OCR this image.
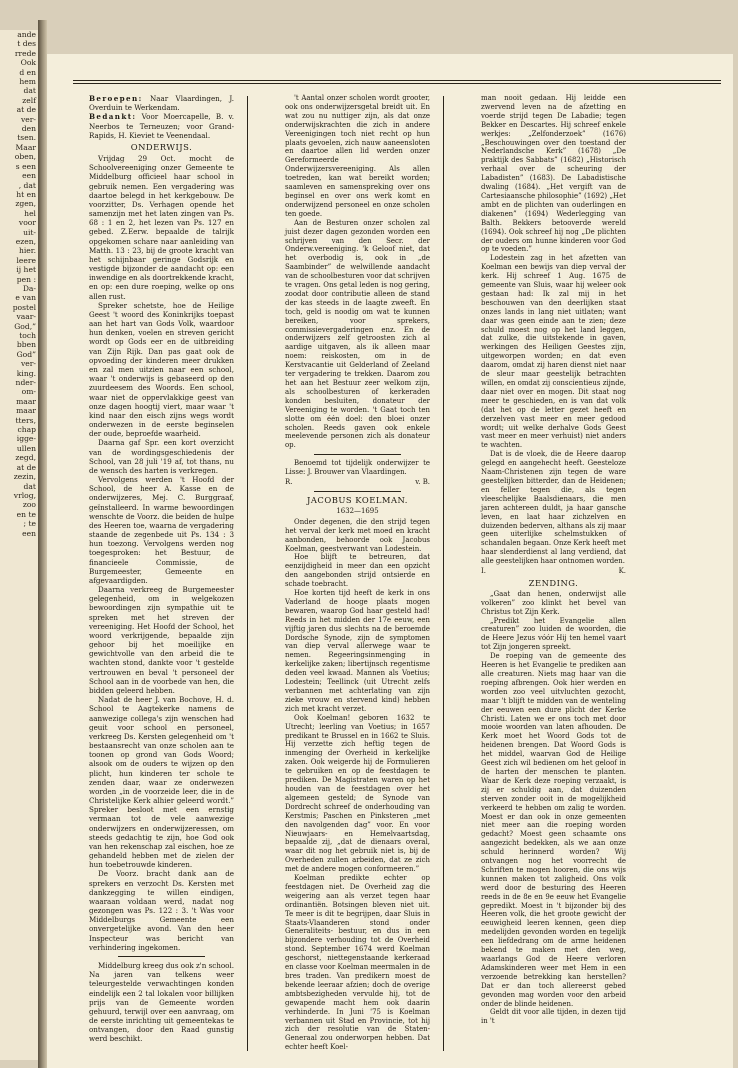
ande

t des

rrede

Ook

d en

hem

dat

zelf

at de

ver-

den

tsen.

Maar

oben,

s een

een

, dat

ht en

zgen,

hel

voor

uit-

ezen,

hier.

leere

ij het

pen :

Da-

e van

postel

vaar-

God,”

toch

bben

God”

ver-

king.

nder-

om-

maar

maar

tters,

chap

igge-

ullen

zegd,

at de

zezin,

dat

vrlog,

zoo

en te

; te

een

Beroepen: Naar Vlaardingen, J. Overduin te Werkendam.

Bedankt: Voor Moercapelle, B. v. Neerbos te Terneuzen; voor Grand-Rapids, H. Kieviet te Veenendaal.

ONDERWIJS.

Vrijdag 29 Oct. mocht de Schoolvereeniging onzer Gemeente te Middelburg officieel haar school in gebruik nemen. Een vergadering was daartoe belegd in het kerkgebouw. De voorzitter, Ds. Verhagen opende het samenzijn met het laten zingen van Ps. 68 : 1 en 2, het lezen van Ps. 127 en gebed. Z.Eerw. bepaalde de talrijk opgekomen schare naar aanleiding van Matth. 13 : 23, bij de groote kracht van het schijnbaar geringe Godsrijk en vestigde bijzonder de aandacht op: een inwendige en als doortrekkende kracht, en op: een dure roeping, welke op ons allen rust.

Spreker schetste, hoe de Heilige Geest 't woord des Koninkrijks toepast aan het hart van Gods Volk, waardoor hun denken, voelen en streven gericht wordt op Gods eer en de uitbreiding van Zijn Rijk. Dan pas gaat ook de opvoeding der kinderen meer drukken en zal men uitzien naar een school, waar 't onderwijs is gebaseerd op den zuurdeesem des Woords. Een school, waar niet de oppervlakkige geest van onze dagen hoogtij viert, maar waar 't kind naar den eisch zijns wegs wordt onderwezen in de eerste beginselen der oude, beproefde waarheid.

Daarna gaf Spr. een kort overzicht van de wordingsgeschiedenis der School, van 28 juli '19 af, tot thans, nu de wensch des harten is verkregen.

Vervolgens werden 't Hoofd der School, de heer A. Kasse en de onderwijzeres, Mej. C. Burggraaf, geïnstalleerd. In warme bewoordingen wenschte de Voorz. die beiden de hulpe des Heeren toe, waarna de vergadering staande de zegenbede uit Ps. 134 : 3 hun toezong. Vervolgens werden nog toegesproken: het Bestuur, de financieele Commissie, de Burgemeester, Gemeente en afgevaardigden.

Daarna verkreeg de Burgemeester gelegenheid, om in welgekozen bewoordingen zijn sympathie uit te spreken met het streven der vereeniging. Het Hoofd der School, het woord verkrijgende, bepaalde zijn gehoor bij het moeilijke en gewichtvolle van den arbeid die te wachten stond, dankte voor 't gestelde vertrouwen en beval 't personeel der School aan in de voorbede van hen, die bidden geleerd hebben.

Nadat de heer J. van Bochove, H. d. School te Aagtekerke namens de aanwezige collega's zijn wenschen had geuit voor school en personeel, verkreeg Ds. Kersten gelegenheid om 't bestaansrecht van onze scholen aan te toonen op grond van Gods Woord; alsook om de ouders te wijzen op den plicht, hun kinderen ter schole te zenden daar, waar ze onderwezen worden „in de voorzeide leer, die in de Christelijke Kerk alhier geleerd wordt.” Spreker besloot met een ernstig vermaan tot de vele aanwezige onderwijzers en onderwijzeressen, om steeds gedachtig te zijn, hoe God ook van hen rekenschap zal eischen, hoe ze gehandeld hebben met de zielen der hun toebetrouwde kinderen.

De Voorz. bracht dank aan de sprekers en verzocht Ds. Kersten met dankzegging te willen eindigen, waaraan voldaan werd, nadat nog gezongen was Ps. 122 : 3. 't Was voor Middelburgs Gemeente een onvergetelijke avond. Van den heer Inspecteur was bericht van verhindering ingekomen.

Middelburg kreeg dus ook z'n school. Na jaren van telkens weer teleurgestelde verwachtingen konden eindelijk een 2 tal lokalen voor billijken prijs van de Gemeente worden gehuurd, terwijl over een aanvraag, om de eerste inrichting uit gemeentekas te ontvangen, door den Raad gunstig werd beschikt.

't Aantal onzer scholen wordt grooter, ook ons onderwijzersgetal breidt uit. En wat zou nu nuttiger zijn, als dat onze onderwijskrachten die zich in andere Vereenigingen toch niet recht op hun plaats gevoelen, zich nauw aaneensloten en daartoe allen lid werden onzer Gereformeerde Onderwijzersvereeniging. Als allen toetreden, kan wat bereikt worden; saamleven en samenspreking over ons beginsel en over ons werk komt en onderwijzend personeel en onze scholen ten goede.

Aan de Besturen onzer scholen zal juist dezer dagen gezonden worden een schrijven van den Secr. der Onderw.vereeniging. 'k Geloof niet, dat het overbodig is, ook in „de Saambinder” de welwillende aandacht van de schoolbesturen voor dat schrijven te vragen. Ons getal leden is nog gering, zoodat door contributie alleen de stand der kas steeds in de laagte zweeft. En toch, geld is noodig om wat te kunnen bereiken, voor sprekers, commissievergaderingen enz. En de onderwijzers zelf getroosten zich al aardige uitgaven, als ik alleen maar noem: reiskosten, om in de Kerstvacantie uit Gelderland of Zeeland ter vergadering te trekken. Daarom zou het aan het Bestuur zeer welkom zijn, als schoolbesturen of kerkeraden konden besluiten, donateur der Vereeniging te worden. 't Gaat toch ten slotte om één doel: den bloei onzer scholen. Reeds gaven ook enkele meelevende personen zich als donateur op.

Benoemd tot tijdelijk onderwijzer te Lisse: J. Brouwer van Vlaardingen.

R.	v. B.
JACOBUS KOELMAN.
1632—1695

Onder degenen, die den strijd tegen het verval der kerk met moed en kracht aanbonden, behoorde ook Jacobus Koelman, geestverwant van Lodestein.

Hoe blijft te betreuren, dat eenzijdigheid in meer dan een opzicht den aangebonden strijd ontsierde en schade toebracht.

Hoe korten tijd heeft de kerk in ons Vaderland de hooge plaats mogen bewaren, waarop God haar gesteld had! Reeds in het midden der 17e eeuw, een vijftig jaren dus slechts na de beroemde Dordsche Synode, zijn de symptomen van diep verval allerwege waar te nemen. Regeeringsinmenging in kerkelijke zaken; libertijnsch regentisme deden veel kwaad. Mannen als Voetius; Lodestein; Teellinck (uit Utrecht zelfs verbannen met achterlating van zijn zieke vrouw en stervend kind) hebben zich met kracht verzet.

Ook Koelman! geboren 1632 te Utrecht; leerling van Voetius; in 1657 predikant te Brussel en in 1662 te Sluis. Hij verzette zich heftig tegen de inmenging der Overheid in kerkelijke zaken. Ook weigerde hij de Formulieren te gebruiken en op de feestdagen te prediken. De Magistraten waren op het houden van de feestdagen over het algemeen gesteld; de Synode van Dordrecht schreef de onderhouding van Kerstmis; Paschen en Pinksteren „met den navolgenden dag” voor. En voor Nieuwjaars- en Hemelvaartsdag, bepaalde zij, „dat de dienaars overal, waar dit nog het gebruik niet is, bij de Overheden zullen arbeiden, dat ze zich met de andere mogen conformeeren.”

Koelman predikte echter op feestdagen niet. De Overheid zag die weigering aan als verzet tegen haar ordinantiën. Botsingen bleven niet uit. Te meer is dit te begrijpen, daar Sluis in Staats-Vlaanderen stond onder Generaliteits- bestuur, en dus in een bijzondere verhouding tot de Overheid stond. September 1674 werd Koelman geschorst, niettegenstaande kerkeraad en classe voor Koelman meermalen in de bres traden. Van predikern moest de bekende leeraar afzien; doch de overige ambtsbezigheden vervulde hij, tot de gewapende macht hem ook daarin verhinderde. In Juni '75 is Koelman verbannen uit Stad en Provincie, tot hij zich der resolutie van de Staten-Generaal zou onderworpen hebben. Dat echter heeft Koel-

man nooit gedaan. Hij leidde een zwervend leven na de afzetting en voerde strijd tegen De Labadie; tegen Bekker en Descartes. Hij schreef enkele werkjes: „Zelfonderzoek” (1676) „Beschouwingen over den toestand der Nederlandsche Kerk” (1678) „De praktijk des Sabbats” (1682) „Historisch verhaal over de scheuring der Labadisten” (1683). De Labadistische dwaling (1684). „Het vergift van de Cartesiaansche philosophie” (1692) „Het ambt en de plichten van ouderlingen en diakenen” (1694) Wederlegging van Balth. Bekkers betooverde wereld (1694). Ook schreef hij nog „De plichten der ouders om hunne kinderen voor God op te voeden.”

Lodestein zag in het afzetten van Koelman een bewijs van diep verval der kerk. Hij schreef 1 Aug. 1675 de gemeente van Sluis, waar hij weleer ook gestaan had: Ik zal mij in het beschouwen van den deerlijken staat onzes lands in lang niet uitlaten; want daar was geen einde aan te zien; deze schuld moest nog op het land leggen, dat zulke, die uitstekende in gaven, werkingen des Heiligen Geestes zijn, uitgeworpen worden; en dat even daarom, omdat zij haren dienst niet naar de sleur maar geestelijk betrachten willen, en omdat zij conscientieus zijnde, daar niet over en mogen. Dit staat nog meer te geschieden, en is van dat volk (dat het op de letter gezet heeft en derzelven vast meer en meer gedood wordt; uit welke derhalve Gods Geest vast meer en meer verhuist) niet anders te wachten.

Dat is de vloek, die de Heere daarop gelegd en aangehecht heeft. Geesteloze Naam-Christenen zijn tegen de ware geestelijken bitterder, dan de Heidenen; en feller tegen die, als tegen vleeschelijke Baalsdienaars, die men jaren achtereen duldt, ja haar gansche leven, en laat haar zichzelven en duizenden bederven, althans als zij maar geen uiterlijke schelmstukken of schandalen begaan. Onze Kerk heeft met haar slenderdienst al lang verdiend, dat alle geestelijken haar ontnomen worden.

I.	K.
ZENDING.

„Gaat dan henen, onderwijst alle volkeren” zoo klinkt het bevel van Christus tot Zijn Kerk.

„Predikt het Evangelie allen creaturen” zoo luiden de woorden, die de Heere Jezus vóór Hij ten hemel vaart tot Zijn jongeren spreekt.

De roeping van de gemeente des Heeren is het Evangelie te prediken aan alle creaturen. Niets mag haar van die roeping afbrengen. Ook hier werden en worden zoo veel uitvluchten gezocht, maar 't blijft te midden van de wenteling der eeuwen een dure plicht der Kerke Christi. Laten we er ons toch met door mooie woorden van laten afhouden. De Kerk moet het Woord Gods tot de heidenen brengen. Dat Woord Gods is het middel, waarvan God de Heilige Geest zich wil bedienen om het geloof in de harten der menschen te planten. Waar de Kerk deze roeping verzaakt, is zij er schuldig aan, dat duizenden sterven zonder ooit in de mogelijkheid verkeerd te hebben om zalig te worden. Moest er dan ook in onze gemeenten niet meer aan die roeping worden gedacht? Moest geen schaamte ons aangezicht bedekken, als we aan onze schuld herinnerd worden? Wij ontvangen nog het voorrecht de Schriften te mogen hooren, die ons wijs kunnen maken tot zaligheid. Ons volk werd door de besturing des Heeren reeds in de 8e en 9e eeuw het Evangelie gepredikt. Moest in 't bijzonder bij des Heeren volk, die het groote gewicht der eeuwigheid leeren kennen, geen diep medelijden gevonden worden en tegelijk een liefdedrang om de arme heidenen bekend te maken met den weg, waarlangs God de Heere verloren Adamskinderen weer met Hem in een verzoende betrekking kan herstellen? Dat er dan toch allereerst gebed gevonden mag worden voor den arbeid onder de blinde heidenen.

Geldt dit voor alle tijden, in dezen tijd in 't
